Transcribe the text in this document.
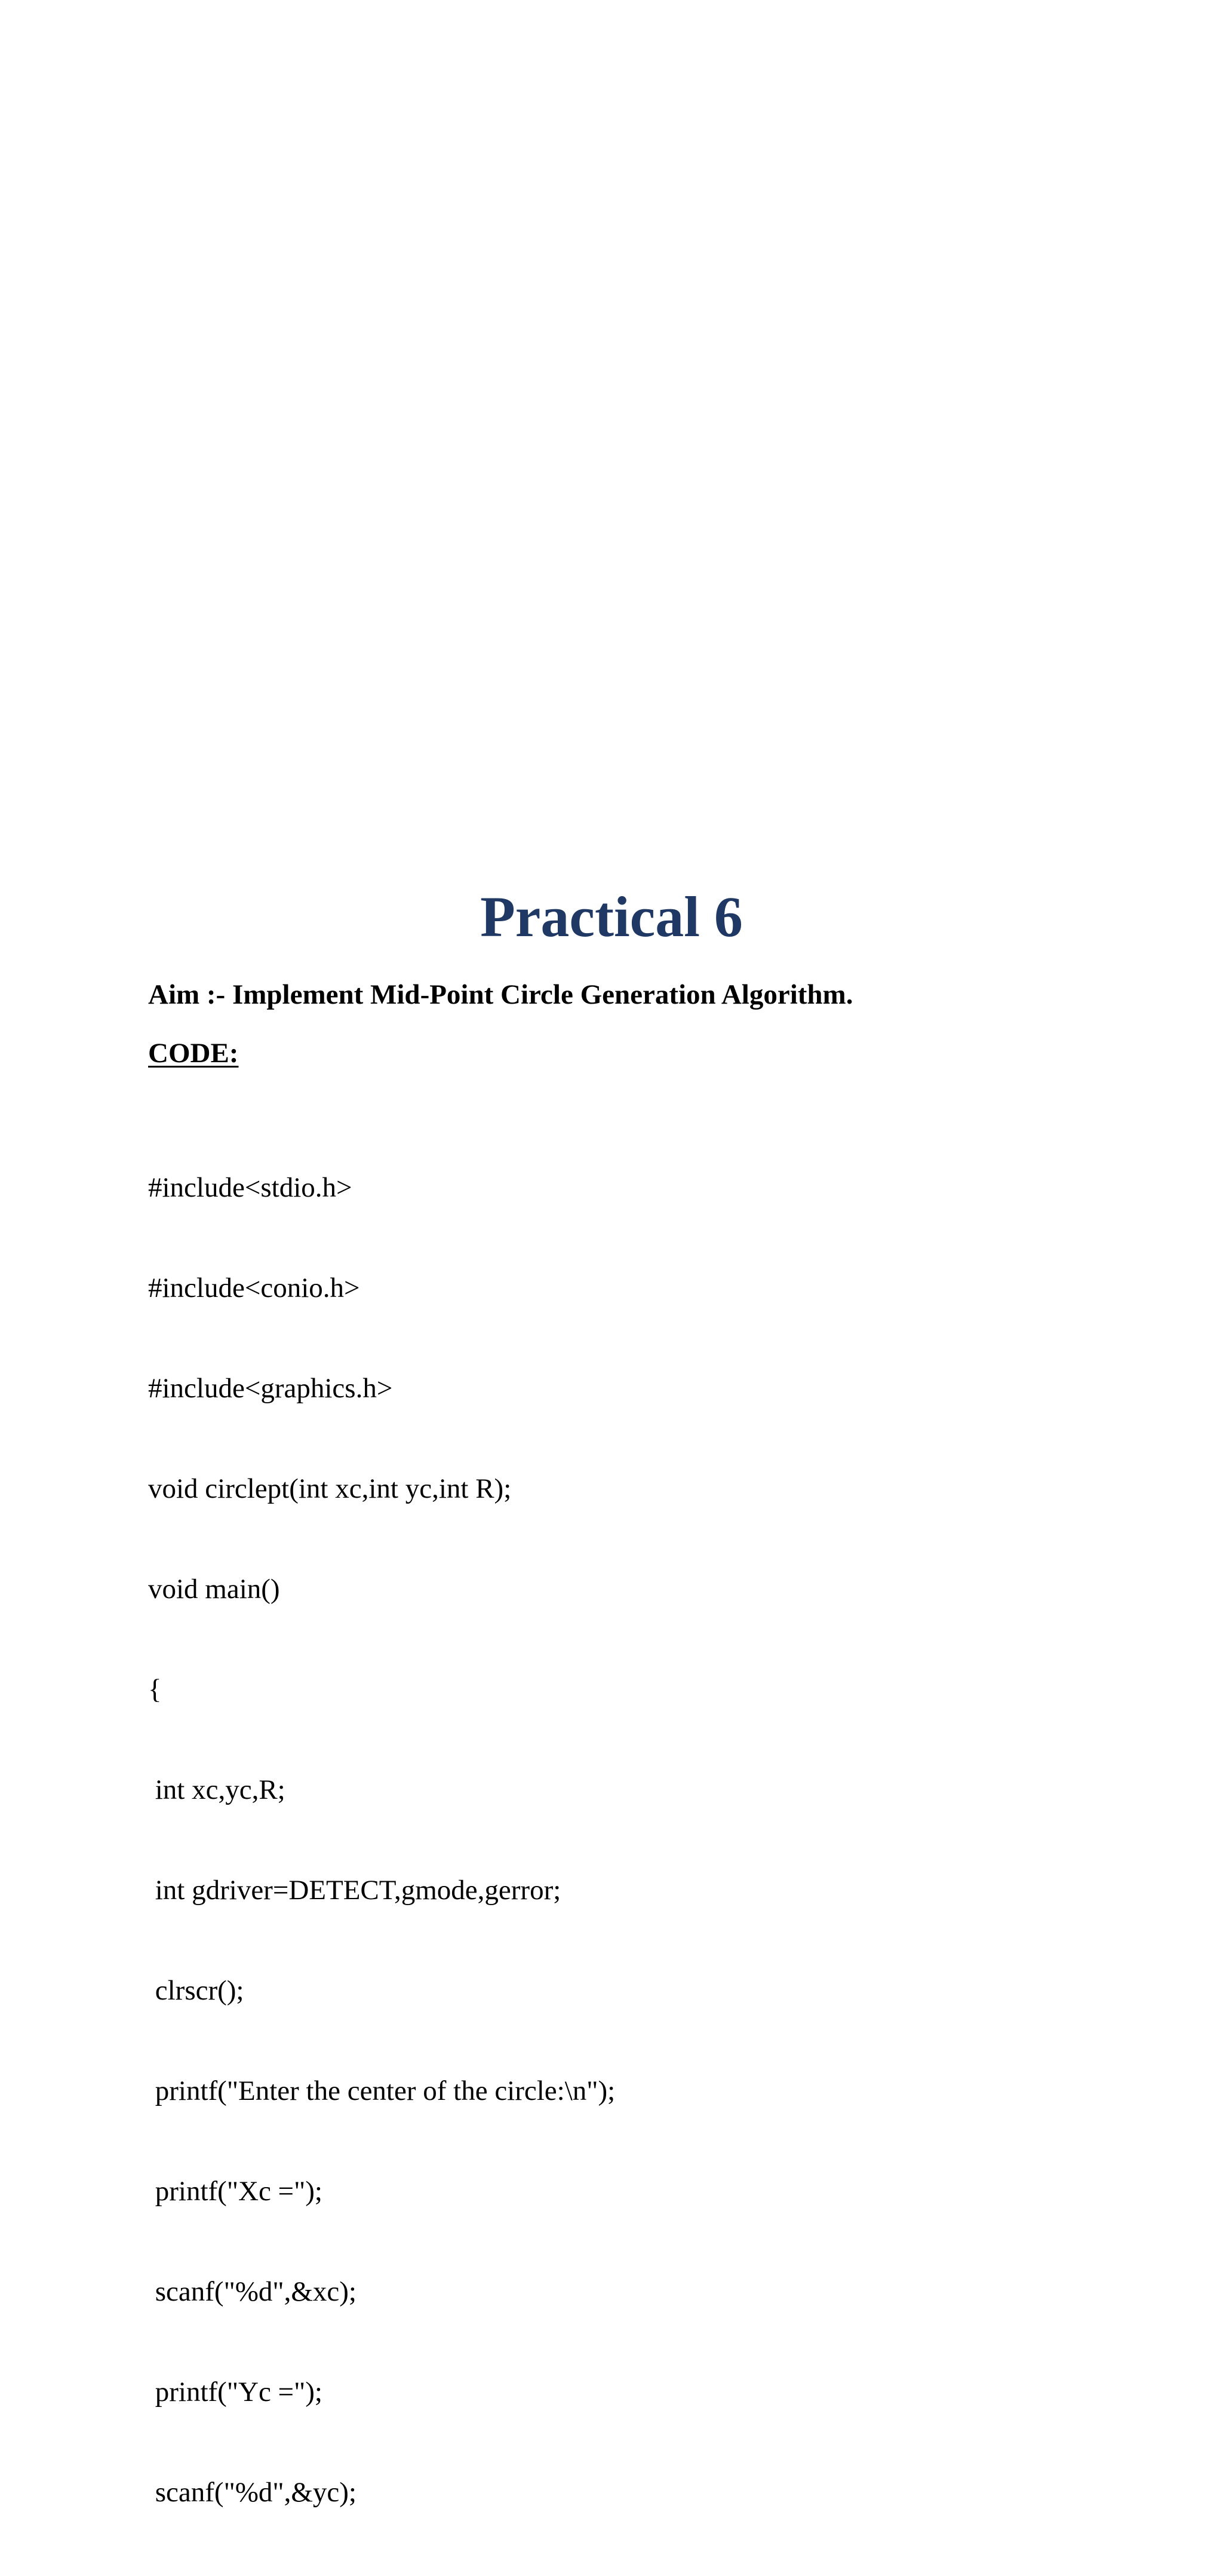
Practical 6

Aim :- Implement Mid-Point Circle Generation Algorithm.

CODE:

#include<stdio.h>

#include<conio.h>

#include<graphics.h>

void circlept(int xc,int yc,int R);

void main()

{

int xc,yc,R;

int gdriver=DETECT,gmode,gerror;

clrscr();

printf("Enter the center of the circle:\n");

printf("Xc =");

scanf("%d",&xc);

printf("Yc =");

scanf("%d",&yc);
